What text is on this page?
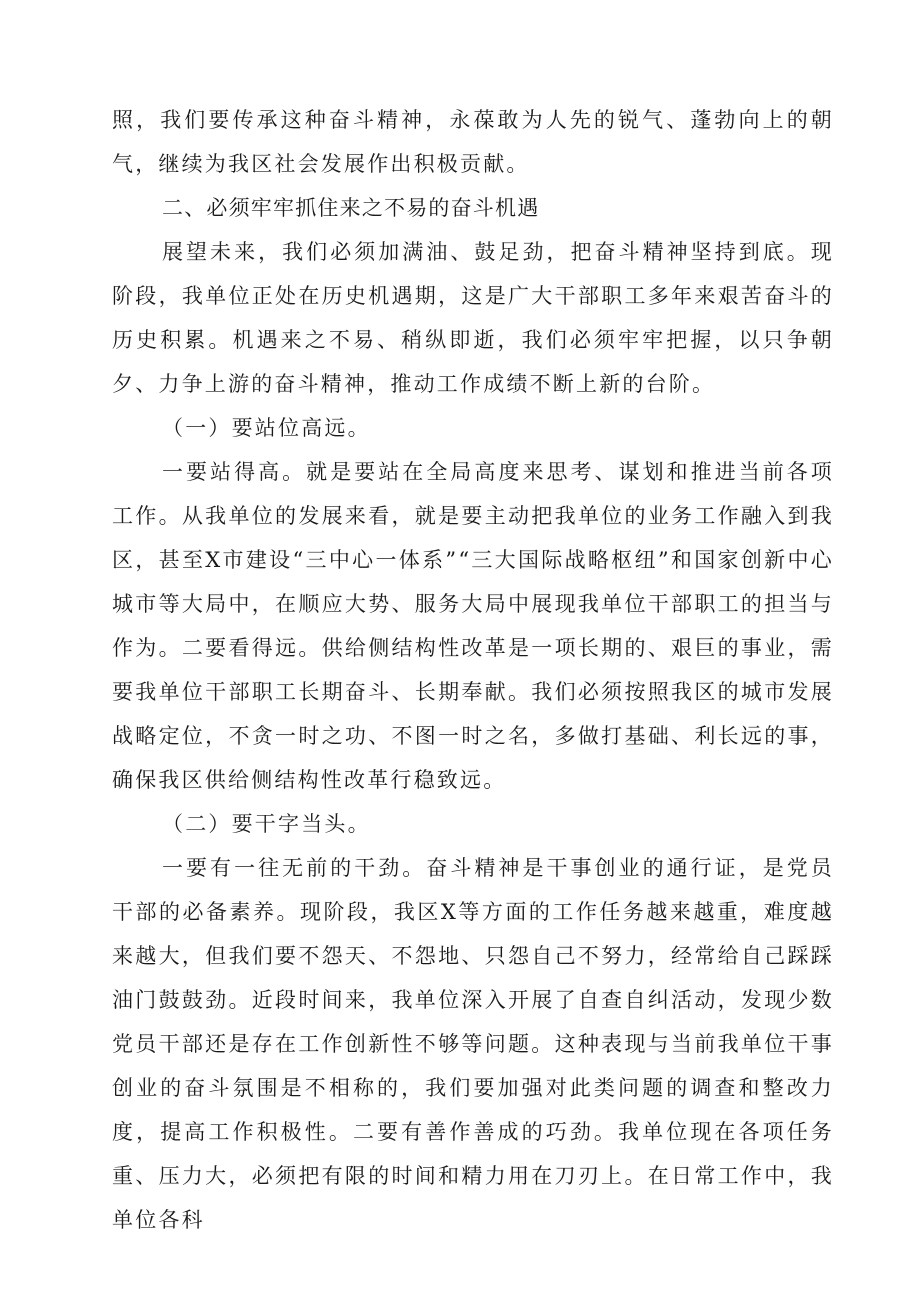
照，我们要传承这种奋斗精神，永葆敢为人先的锐气、蓬勃向上的朝气，继续为我区社会发展作出积极贡献。

二、必须牢牢抓住来之不易的奋斗机遇

展望未来，我们必须加满油、鼓足劲，把奋斗精神坚持到底。现阶段，我单位正处在历史机遇期，这是广大干部职工多年来艰苦奋斗的历史积累。机遇来之不易、稍纵即逝，我们必须牢牢把握，以只争朝夕、力争上游的奋斗精神，推动工作成绩不断上新的台阶。

（一）要站位高远。

一要站得高。就是要站在全局高度来思考、谋划和推进当前各项工作。从我单位的发展来看，就是要主动把我单位的业务工作融入到我区，甚至X市建设“三中心一体系”“三大国际战略枢纽”和国家创新中心城市等大局中，在顺应大势、服务大局中展现我单位干部职工的担当与作为。二要看得远。供给侧结构性改革是一项长期的、艰巨的事业，需要我单位干部职工长期奋斗、长期奉献。我们必须按照我区的城市发展战略定位，不贪一时之功、不图一时之名，多做打基础、利长远的事，确保我区供给侧结构性改革行稳致远。

（二）要干字当头。

一要有一往无前的干劲。奋斗精神是干事创业的通行证，是党员干部的必备素养。现阶段，我区X等方面的工作任务越来越重，难度越来越大，但我们要不怨天、不怨地、只怨自己不努力，经常给自己踩踩油门鼓鼓劲。近段时间来，我单位深入开展了自查自纠活动，发现少数党员干部还是存在工作创新性不够等问题。这种表现与当前我单位干事创业的奋斗氛围是不相称的，我们要加强对此类问题的调查和整改力度，提高工作积极性。二要有善作善成的巧劲。我单位现在各项任务重、压力大，必须把有限的时间和精力用在刀刃上。在日常工作中，我单位各科
